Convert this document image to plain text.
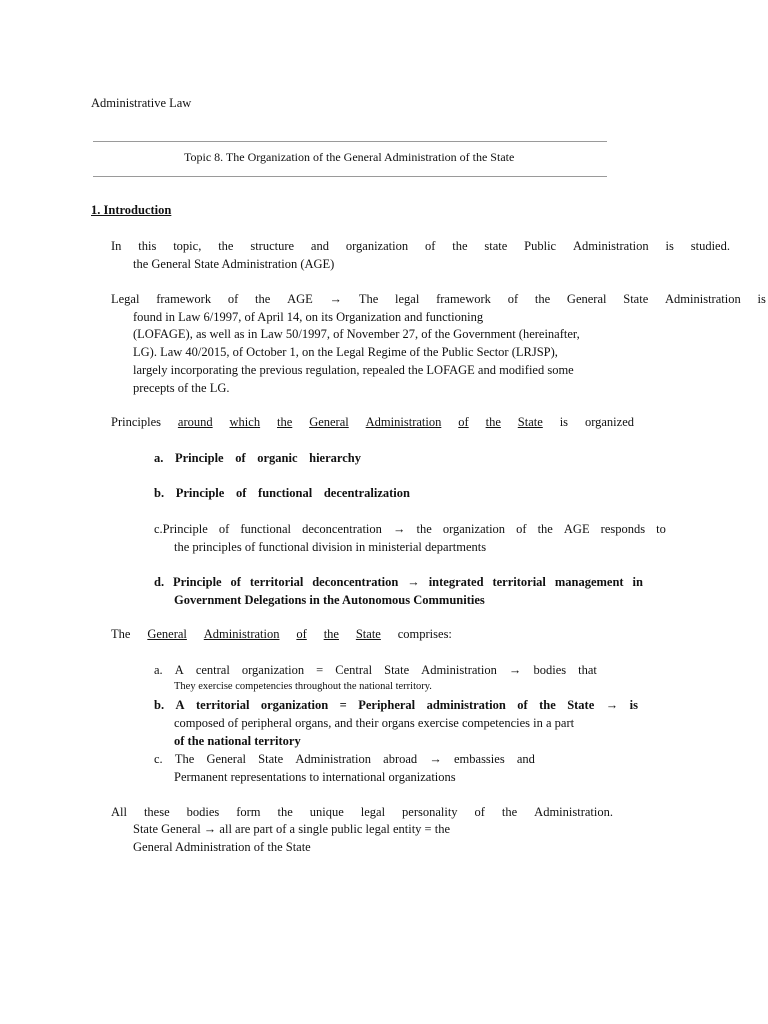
Administrative Law
Topic 8. The Organization of the General Administration of the State
1. Introduction
In this topic, the structure and organization of the state Public Administration is studied.
the General State Administration (AGE)
Legal framework of the AGE → The legal framework of the General State Administration is
found in Law 6/1997, of April 14, on its Organization and functioning
(LOFAGE), as well as in Law 50/1997, of November 27, of the Government (hereinafter,
LG). Law 40/2015, of October 1, on the Legal Regime of the Public Sector (LRJSP),
largely incorporating the previous regulation, repealed the LOFAGE and modified some
precepts of the LG.
Principles around which the General Administration of the State is organized
a. Principle of organic hierarchy
b. Principle of functional decentralization
c.Principle of functional deconcentration → the organization of the AGE responds to
the principles of functional division in ministerial departments
d. Principle of territorial deconcentration → integrated territorial management in
Government Delegations in the Autonomous Communities
The General Administration of the State comprises:
a. A central organization = Central State Administration → bodies that
They exercise competencies throughout the national territory.
b. A territorial organization = Peripheral administration of the State → is
composed of peripheral organs, and their organs exercise competencies in a part
of the national territory
c. The General State Administration abroad → embassies and
Permanent representations to international organizations
All these bodies form the unique legal personality of the Administration.
State General → all are part of a single public legal entity = the
General Administration of the State
